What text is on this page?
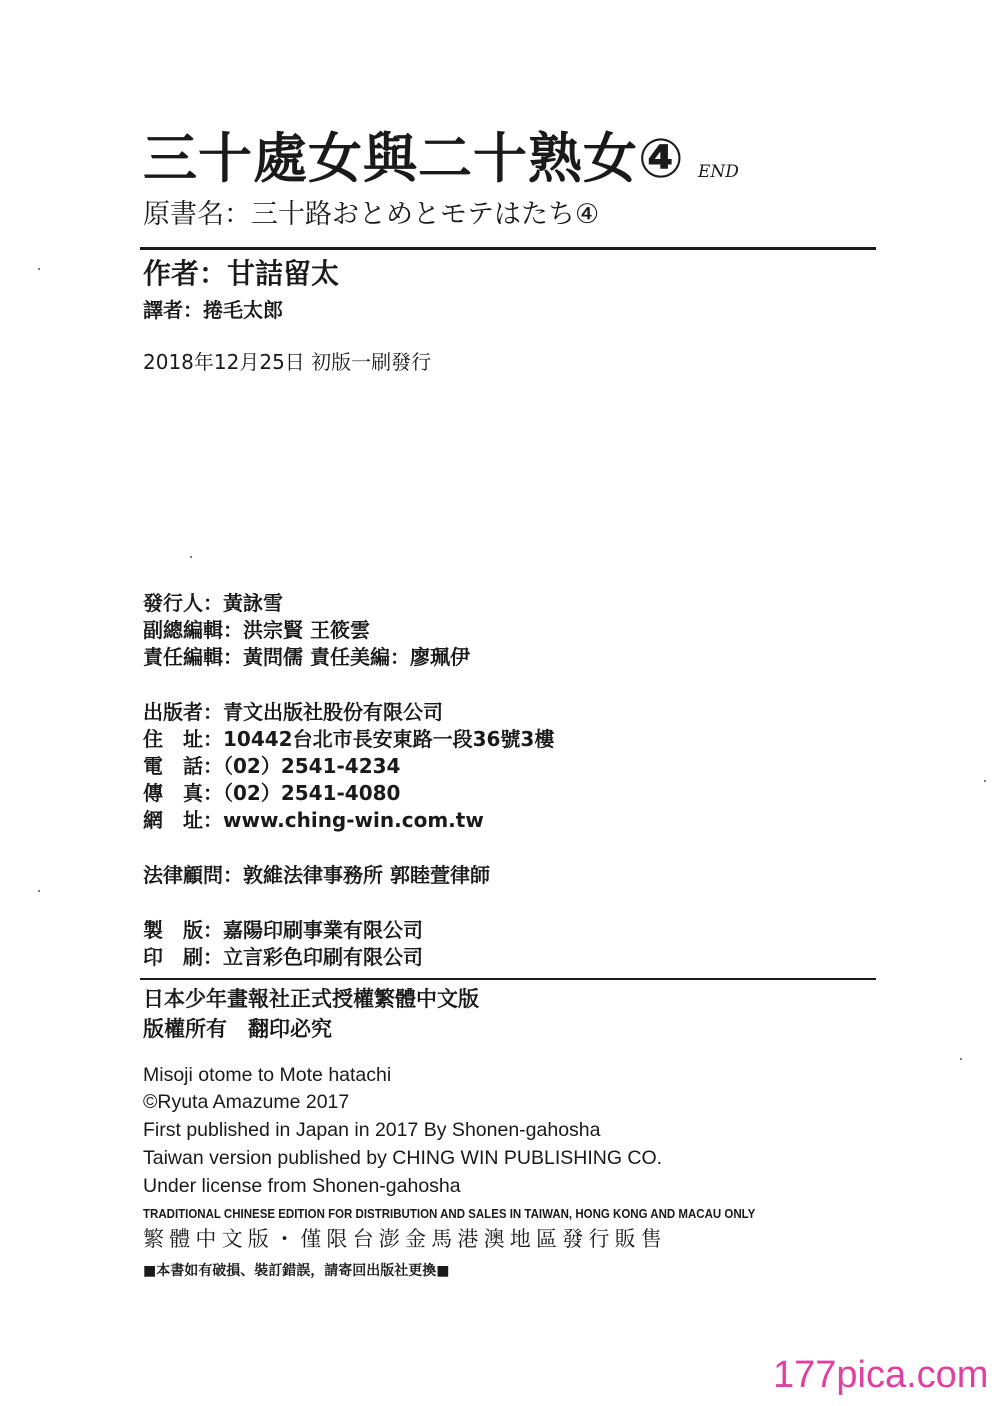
三十處女與二十熟女④ END
原書名：三十路おとめとモテはたち④
作者：甘詰留太
譯者：捲毛太郎
2018年12月25日 初版一刷發行
發行人：黃詠雪
副總編輯：洪宗賢 王筱雲
責任編輯：黃問儒 責任美編：廖珮伊
出版者：青文出版社股份有限公司
住　址：10442台北市長安東路一段36號3樓
電　話：（02）2541-4234
傳　真：（02）2541-4080
網　址：www.ching-win.com.tw
法律顧問：敦維法律事務所 郭睦萱律師
製　版：嘉陽印刷事業有限公司
印　刷：立言彩色印刷有限公司
日本少年畫報社正式授權繁體中文版
版權所有　翻印必究
Misoji otome to Mote hatachi
©Ryuta Amazume 2017
First published in Japan in 2017 By Shonen-gahosha
Taiwan version published by CHING WIN PUBLISHING CO.
Under license from Shonen-gahosha
TRADITIONAL CHINESE EDITION FOR DISTRIBUTION AND SALES IN TAIWAN, HONG KONG AND MACAU ONLY
繁體中文版・僅限台澎金馬港澳地區發行販售
■本書如有破損、裝訂錯誤，請寄回出版社更換■
177pica.com
